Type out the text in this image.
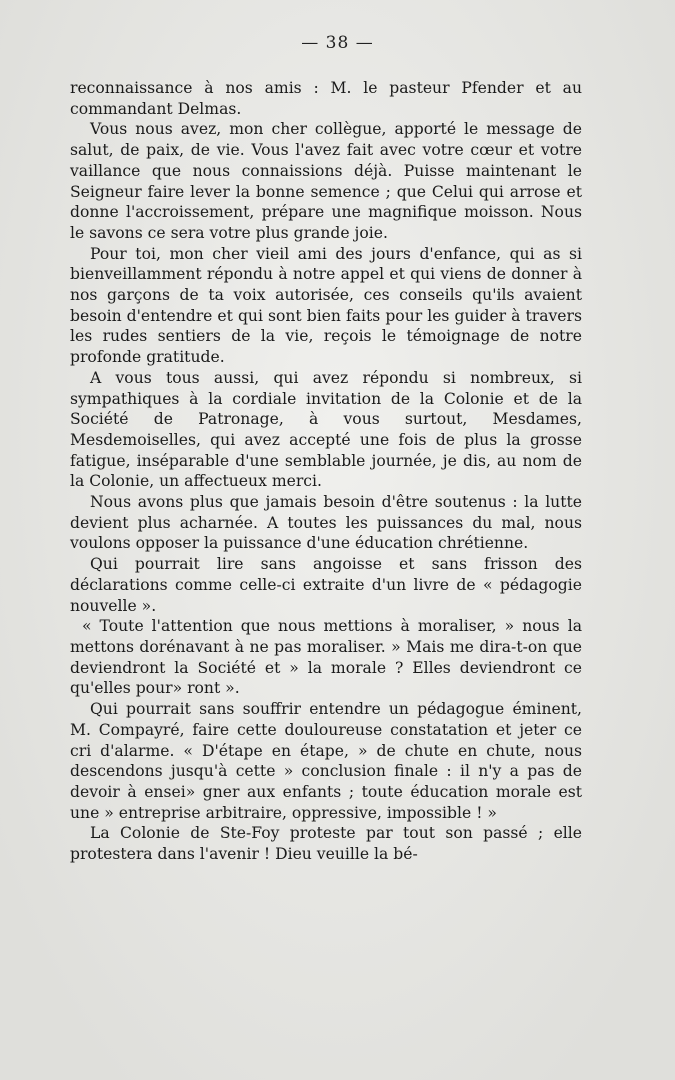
— 38 —

reconnaissance à nos amis : M. le pasteur Pfender et au commandant Delmas.

Vous nous avez, mon cher collègue, apporté le message de salut, de paix, de vie. Vous l'avez fait avec votre cœur et votre vaillance que nous connaissions déjà. Puisse maintenant le Seigneur faire lever la bonne semence ; que Celui qui arrose et donne l'accroissement, prépare une magnifique moisson. Nous le savons ce sera votre plus grande joie.

Pour toi, mon cher vieil ami des jours d'enfance, qui as si bienveillamment répondu à notre appel et qui viens de donner à nos garçons de ta voix autorisée, ces conseils qu'ils avaient besoin d'entendre et qui sont bien faits pour les guider à travers les rudes sentiers de la vie, reçois le témoignage de notre profonde gratitude.

A vous tous aussi, qui avez répondu si nombreux, si sympathiques à la cordiale invitation de la Colonie et de la Société de Patronage, à vous surtout, Mesdames, Mesdemoiselles, qui avez accepté une fois de plus la grosse fatigue, inséparable d'une semblable journée, je dis, au nom de la Colonie, un affectueux merci.

Nous avons plus que jamais besoin d'être soutenus : la lutte devient plus acharnée. A toutes les puissances du mal, nous voulons opposer la puissance d'une éducation chrétienne.

Qui pourrait lire sans angoisse et sans frisson des déclarations comme celle-ci extraite d'un livre de « pédagogie nouvelle ».

« Toute l'attention que nous mettions à moraliser, » nous la mettons dorénavant à ne pas moraliser. » Mais me dira-t-on que deviendront la Société et » la morale ? Elles deviendront ce qu'elles pour» ront ».

Qui pourrait sans souffrir entendre un pédagogue éminent, M. Compayré, faire cette douloureuse constatation et jeter ce cri d'alarme. « D'étape en étape, » de chute en chute, nous descendons jusqu'à cette » conclusion finale : il n'y a pas de devoir à ensei» gner aux enfants ; toute éducation morale est une » entreprise arbitraire, oppressive, impossible ! »

La Colonie de Ste-Foy proteste par tout son passé ; elle protestera dans l'avenir ! Dieu veuille la bé-
